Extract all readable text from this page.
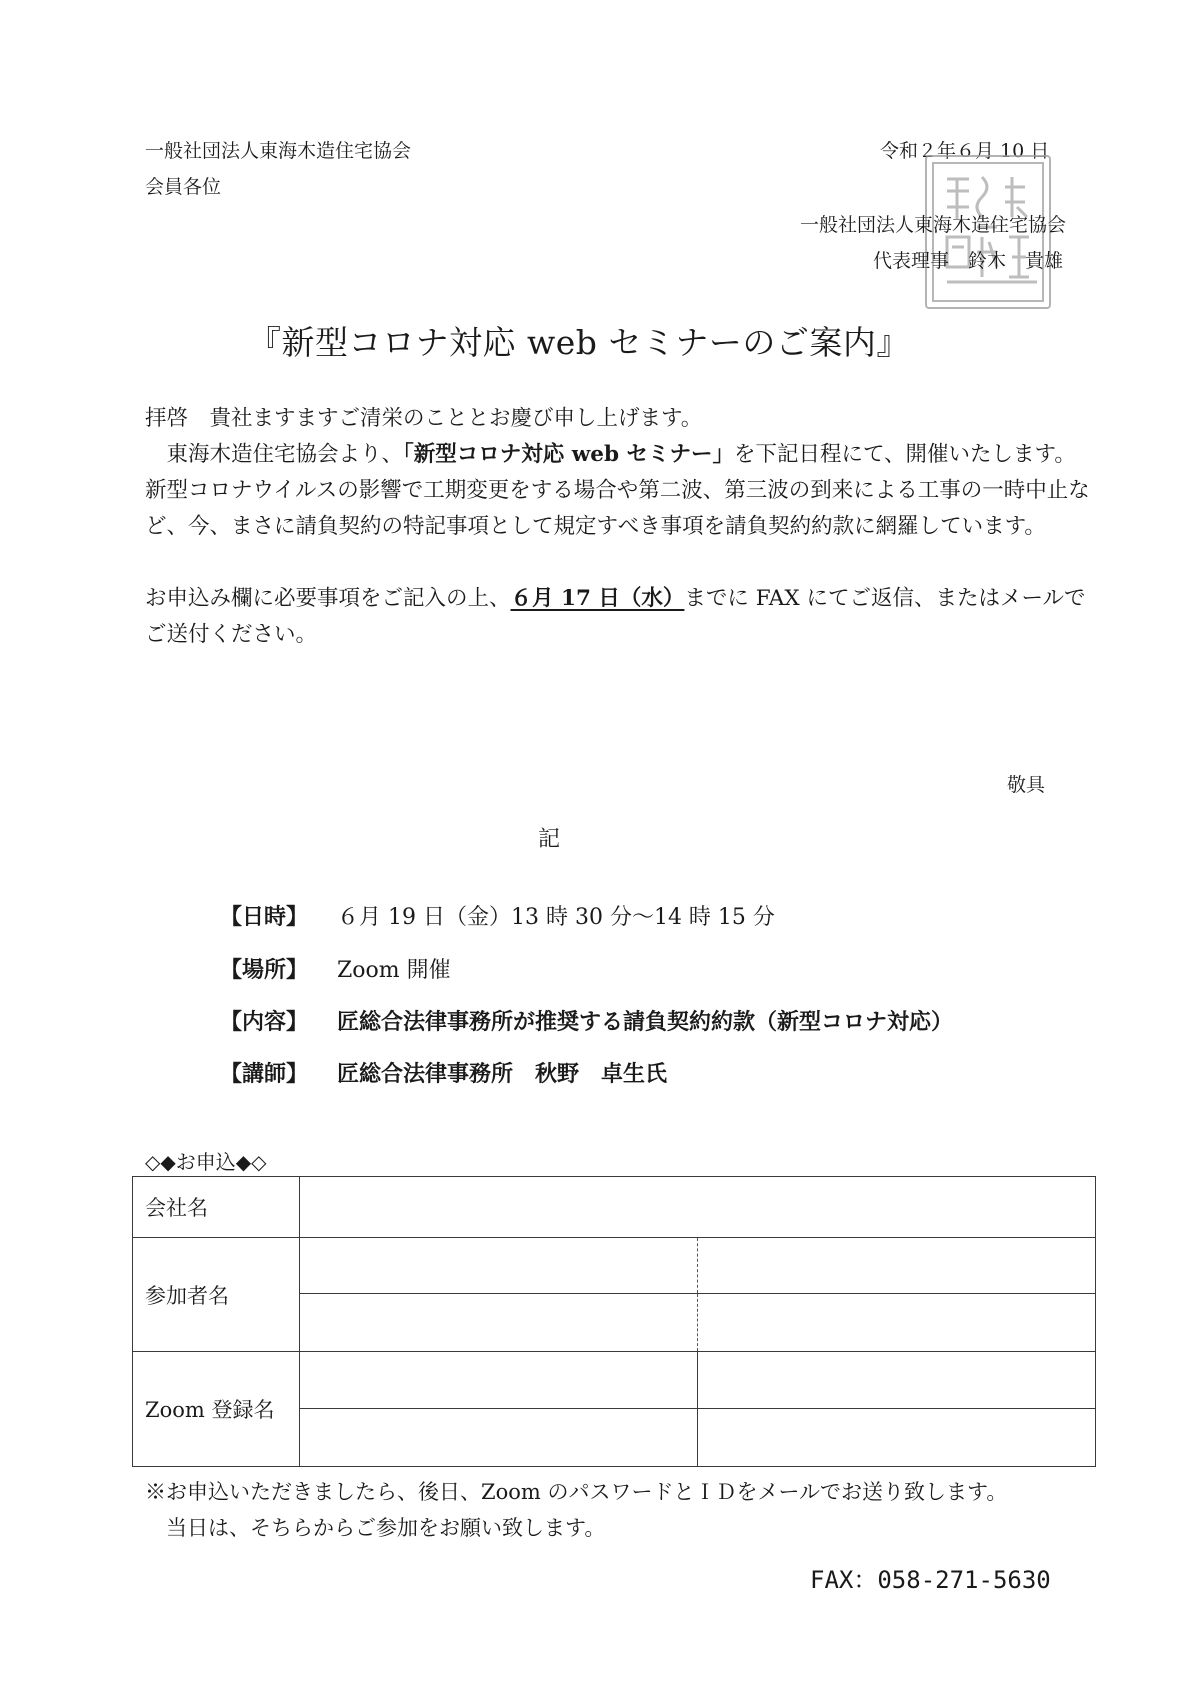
一般社団法人東海木造住宅協会
会員各位
令和２年６月 10 日
一般社団法人東海木造住宅協会
代表理事　鈴木　貴雄
『新型コロナ対応 web セミナーのご案内』

拝啓　貴社ますますご清栄のこととお慶び申し上げます。

　東海木造住宅協会より、「新型コロナ対応 web セミナー」を下記日程にて、開催いたします。

新型コロナウイルスの影響で工期変更をする場合や第二波、第三波の到来による工事の一時中止など、今、まさに請負契約の特記事項として規定すべき事項を請負契約約款に網羅しています。

お申込み欄に必要事項をご記入の上、６月 17 日（水）までに FAX にてご返信、またはメールでご送付ください。

敬具
記
【日時】 ６月 19 日（金）13 時 30 分～14 時 15 分
【場所】 Zoom 開催
【内容】 匠総合法律事務所が推奨する請負契約約款（新型コロナ対応）
【講師】 匠総合法律事務所　秋野　卓生氏
◇◆お申込◆◇
会社名		
参加者名		

Zoom 登録名		

※お申込いただきましたら、後日、Zoom のパスワードとＩＤをメールでお送り致します。
　当日は、そちらからご参加をお願い致します。
FAX：058-271-5630
